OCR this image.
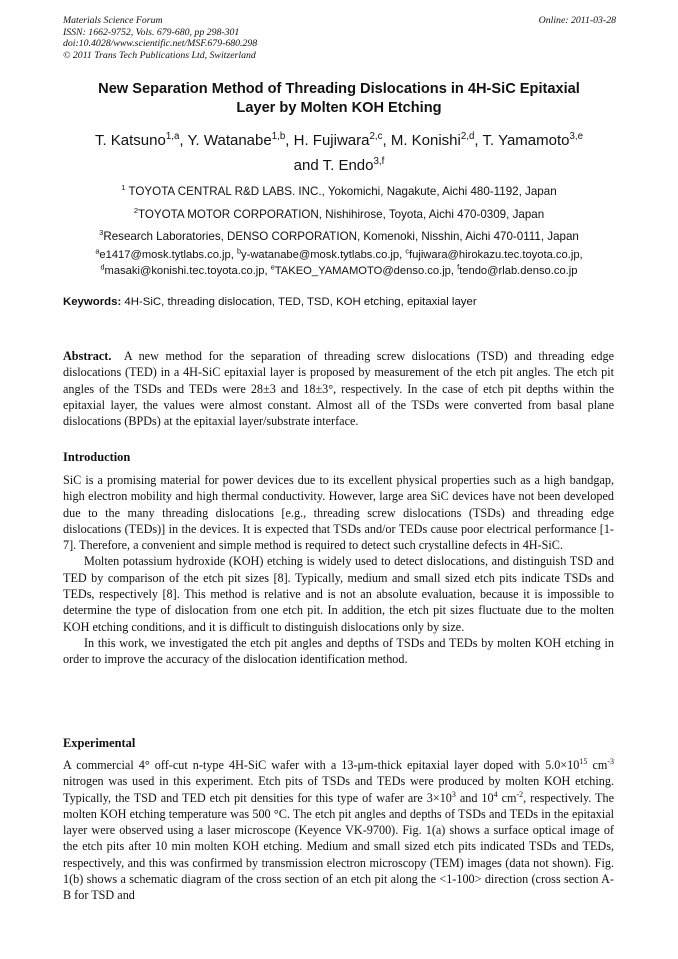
Materials Science Forum
ISSN: 1662-9752, Vols. 679-680, pp 298-301
doi:10.4028/www.scientific.net/MSF.679-680.298
© 2011 Trans Tech Publications Ltd, Switzerland
Online: 2011-03-28
New Separation Method of Threading Dislocations in 4H-SiC Epitaxial
Layer by Molten KOH Etching
T. Katsuno$^{1,a}$, Y. Watanabe$^{1,b}$, H. Fujiwara$^{2,c}$, M. Konishi$^{2,d}$, T. Yamamoto$^{3,e}$
and T. Endo$^{3,f}$
$^1$ TOYOTA CENTRAL R&D LABS. INC., Yokomichi, Nagakute, Aichi 480-1192, Japan
$^2$TOYOTA MOTOR CORPORATION, Nishihirose, Toyota, Aichi 470-0309, Japan
$^3$Research Laboratories, DENSO CORPORATION, Komenoki, Nisshin, Aichi 470-0111, Japan
$^a$e1417@mosk.tytlabs.co.jp, $^b$y-watanabe@mosk.tytlabs.co.jp, $^c$fujiwara@hirokazu.tec.toyota.co.jp,
$^d$masaki@konishi.tec.toyota.co.jp, $^e$TAKEO_YAMAMOTO@denso.co.jp, $^f$tendo@rlab.denso.co.jp
Keywords: 4H-SiC, threading dislocation, TED, TSD, KOH etching, epitaxial layer

Abstract. A new method for the separation of threading screw dislocations (TSD) and threading edge dislocations (TED) in a 4H-SiC epitaxial layer is proposed by measurement of the etch pit angles. The etch pit angles of the TSDs and TEDs were 28±3 and 18±3°, respectively. In the case of etch pit depths within the epitaxial layer, the values were almost constant. Almost all of the TSDs were converted from basal plane dislocations (BPDs) at the epitaxial layer/substrate interface.

Introduction

SiC is a promising material for power devices due to its excellent physical properties such as a high bandgap, high electron mobility and high thermal conductivity. However, large area SiC devices have not been developed due to the many threading dislocations [e.g., threading screw dislocations (TSDs) and threading edge dislocations (TEDs)] in the devices. It is expected that TSDs and/or TEDs cause poor electrical performance [1-7]. Therefore, a convenient and simple method is required to detect such crystalline defects in 4H-SiC.

Molten potassium hydroxide (KOH) etching is widely used to detect dislocations, and distinguish TSD and TED by comparison of the etch pit sizes [8]. Typically, medium and small sized etch pits indicate TSDs and TEDs, respectively [8]. This method is relative and is not an absolute evaluation, because it is impossible to determine the type of dislocation from one etch pit. In addition, the etch pit sizes fluctuate due to the molten KOH etching conditions, and it is difficult to distinguish dislocations only by size.

In this work, we investigated the etch pit angles and depths of TSDs and TEDs by molten KOH etching in order to improve the accuracy of the dislocation identification method.

Experimental

A commercial 4° off-cut n-type 4H-SiC wafer with a 13-μm-thick epitaxial layer doped with $5.0\times 10^{15}$ $cm^{-3}$ nitrogen was used in this experiment. Etch pits of TSDs and TEDs were produced by molten KOH etching. Typically, the TSD and TED etch pit densities for this type of wafer are $3\times 10^3$ and $10^4$ $cm^{-2}$, respectively. The molten KOH etching temperature was 500 °C. The etch pit angles and depths of TSDs and TEDs in the epitaxial layer were observed using a laser microscope (Keyence VK-9700). Fig. 1(a) shows a surface optical image of the etch pits after 10 min molten KOH etching. Medium and small sized etch pits indicated TSDs and TEDs, respectively, and this was confirmed by transmission electron microscopy (TEM) images (data not shown). Fig. 1(b) shows a schematic diagram of the cross section of an etch pit along the <1-100> direction (cross section A-B for TSD and
